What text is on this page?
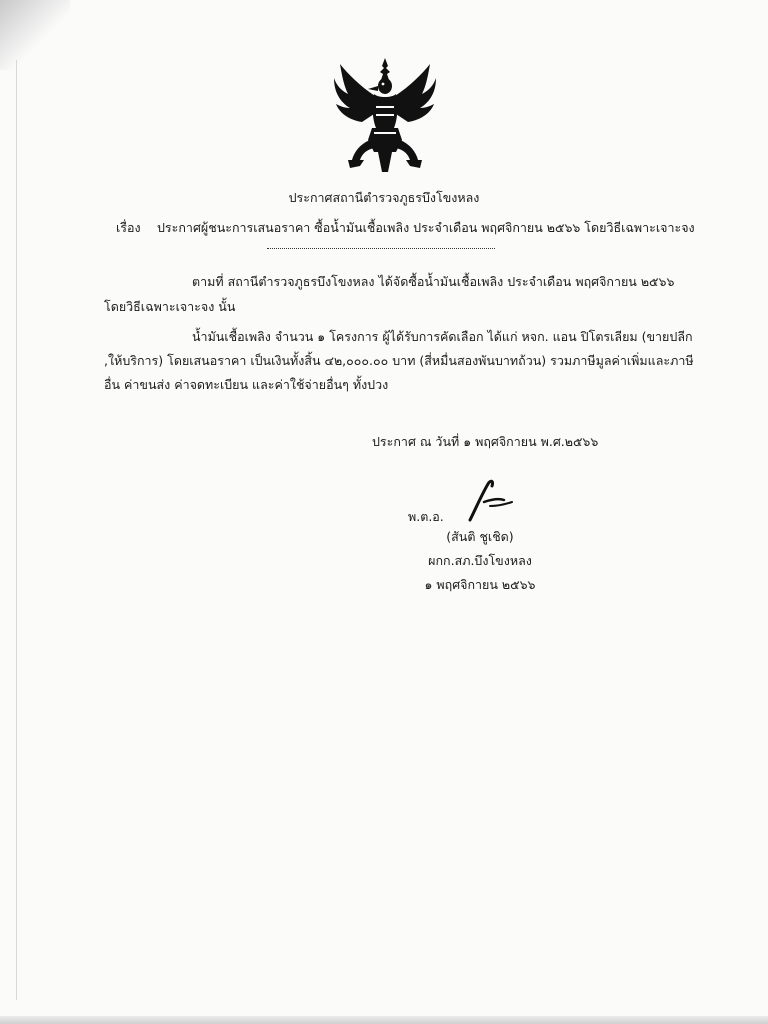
ประกาศสถานีตำรวจภูธรบึงโขงหลง
เรื่อง ประกาศผู้ชนะการเสนอราคา ซื้อน้ำมันเชื้อเพลิง ประจำเดือน พฤศจิกายน ๒๕๖๖ โดยวิธีเฉพาะเจาะจง
ตามที่ สถานีตำรวจภูธรบึงโขงหลง ได้จัดซื้อน้ำมันเชื้อเพลิง ประจำเดือน พฤศจิกายน ๒๕๖๖
โดยวิธีเฉพาะเจาะจง นั้น
น้ำมันเชื้อเพลิง จำนวน ๑ โครงการ ผู้ได้รับการคัดเลือก ได้แก่ หจก. แอน ปิโตรเลียม (ขายปลีก
,ให้บริการ) โดยเสนอราคา เป็นเงินทั้งสิ้น ๔๒,๐๐๐.๐๐ บาท (สี่หมื่นสองพันบาทถ้วน) รวมภาษีมูลค่าเพิ่มและภาษี
อื่น ค่าขนส่ง ค่าจดทะเบียน และค่าใช้จ่ายอื่นๆ ทั้งปวง
ประกาศ ณ วันที่ ๑ พฤศจิกายน พ.ศ.๒๕๖๖
พ.ต.อ.
(สันติ ชูเชิด)
ผกก.สภ.บึงโขงหลง
๑ พฤศจิกายน ๒๕๖๖
